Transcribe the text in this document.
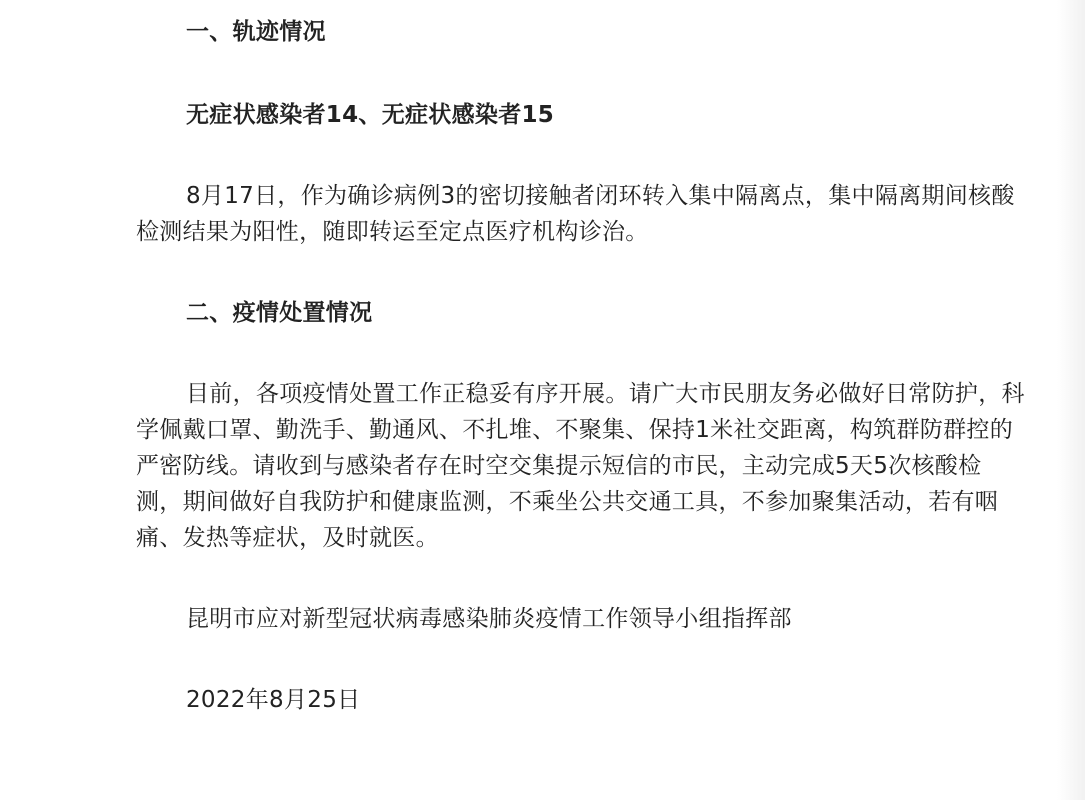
一、轨迹情况

无症状感染者14、无症状感染者15

8月17日，作为确诊病例3的密切接触者闭环转入集中隔离点，集中隔离期间核酸检测结果为阳性，随即转运至定点医疗机构诊治。

二、疫情处置情况

目前，各项疫情处置工作正稳妥有序开展。请广大市民朋友务必做好日常防护，科学佩戴口罩、勤洗手、勤通风、不扎堆、不聚集、保持1米社交距离，构筑群防群控的严密防线。请收到与感染者存在时空交集提示短信的市民，主动完成5天5次核酸检测，期间做好自我防护和健康监测，不乘坐公共交通工具，不参加聚集活动，若有咽痛、发热等症状，及时就医。

昆明市应对新型冠状病毒感染肺炎疫情工作领导小组指挥部

2022年8月25日
